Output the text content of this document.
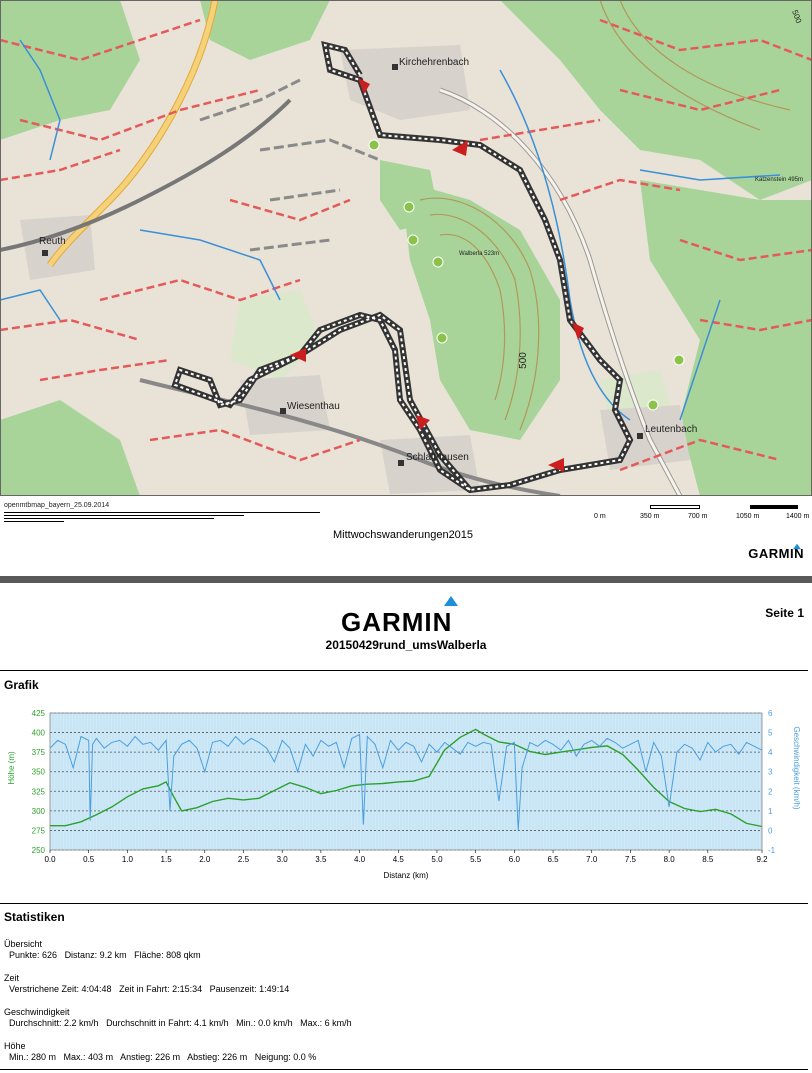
Kirchehrenbach
Reuth
Wiesenthau
Schlaifhausen
Leutenbach
Walberla 523m
Katzenstein 495m
500
500
openmtbmap_bayern_25.09.2014
0 m	350 m	700 m	1050 m	1400 m
Mittwochswanderungen2015
GARMIN
GARMIN	Seite 1
20150429rund_umsWalberla
Grafik
0.0	0.5	1.0	1.5	2.0	2.5	3.0	3.5	4.0	4.5	5.0	5.5	6.0	6.5	7.0	7.5	8.0	8.5	9.2
425
400
375
350
325
300
275
250
6
5
4
3
2
1
0
-1
Distanz (km)
Höhe (m)	Geschwindigkeit (km/h)
Statistiken
Übersicht
Punkte: 626 Distanz: 9.2 km Fläche: 808 qkm
Zeit
Verstrichene Zeit: 4:04:48 Zeit in Fahrt: 2:15:34 Pausenzeit: 1:49:14
Geschwindigkeit
Durchschnitt: 2.2 km/h Durchschnitt in Fahrt: 4.1 km/h Min.: 0.0 km/h Max.: 6 km/h
Höhe
Min.: 280 m Max.: 403 m Anstieg: 226 m Abstieg: 226 m Neigung: 0.0 %
